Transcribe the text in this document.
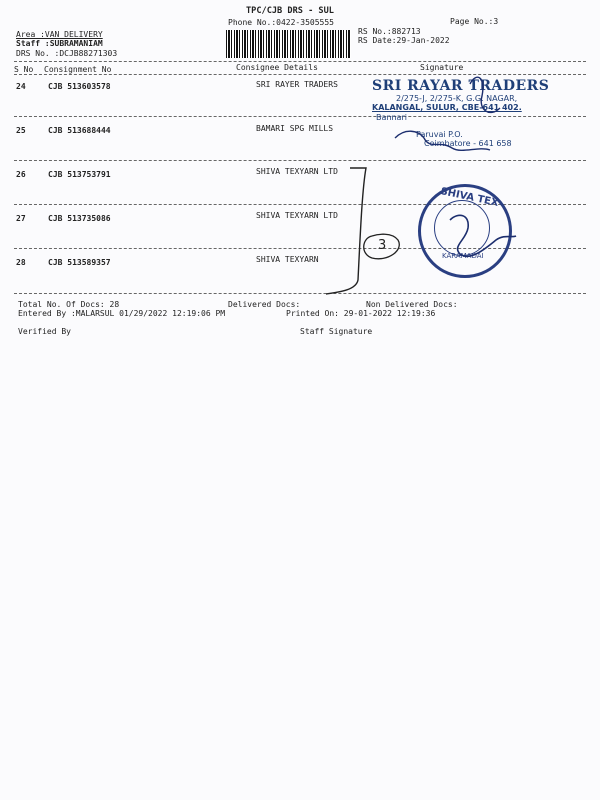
TPC/CJB DRS - SUL
Phone No.:0422-3505555	Page No.:3
Area :VAN DELIVERY
Staff :SUBRAMANIAM
DRS No. :DCJB88271303
RS No.:882713
RS Date:29-Jan-2022
S No Consignment No	Consignee Details	Signature
24	CJB 513603578	SRI RAYER TRADERS
25	CJB 513688444	BAMARI SPG MILLS
26	CJB 513753791	SHIVA TEXYARN LTD
27	CJB 513735086	SHIVA TEXYARN LTD
28	CJB 513589357	SHIVA TEXYARN
SRI RAYAR TRADERS
2/275-J, 2/275-K, G.G. NAGAR,
KALANGAL, SULUR, CBE-641 402.
Bannari
Paruvai P.O.
Coimbatore - 641 658
SHIVA TEX
KARAMADAI
3
Total No. Of Docs: 28	Delivered Docs:	Non Delivered Docs:
Entered By :MALARSUL 01/29/2022 12:19:06 PM	Printed On: 29-01-2022 12:19:36
Verified By	Staff Signature
